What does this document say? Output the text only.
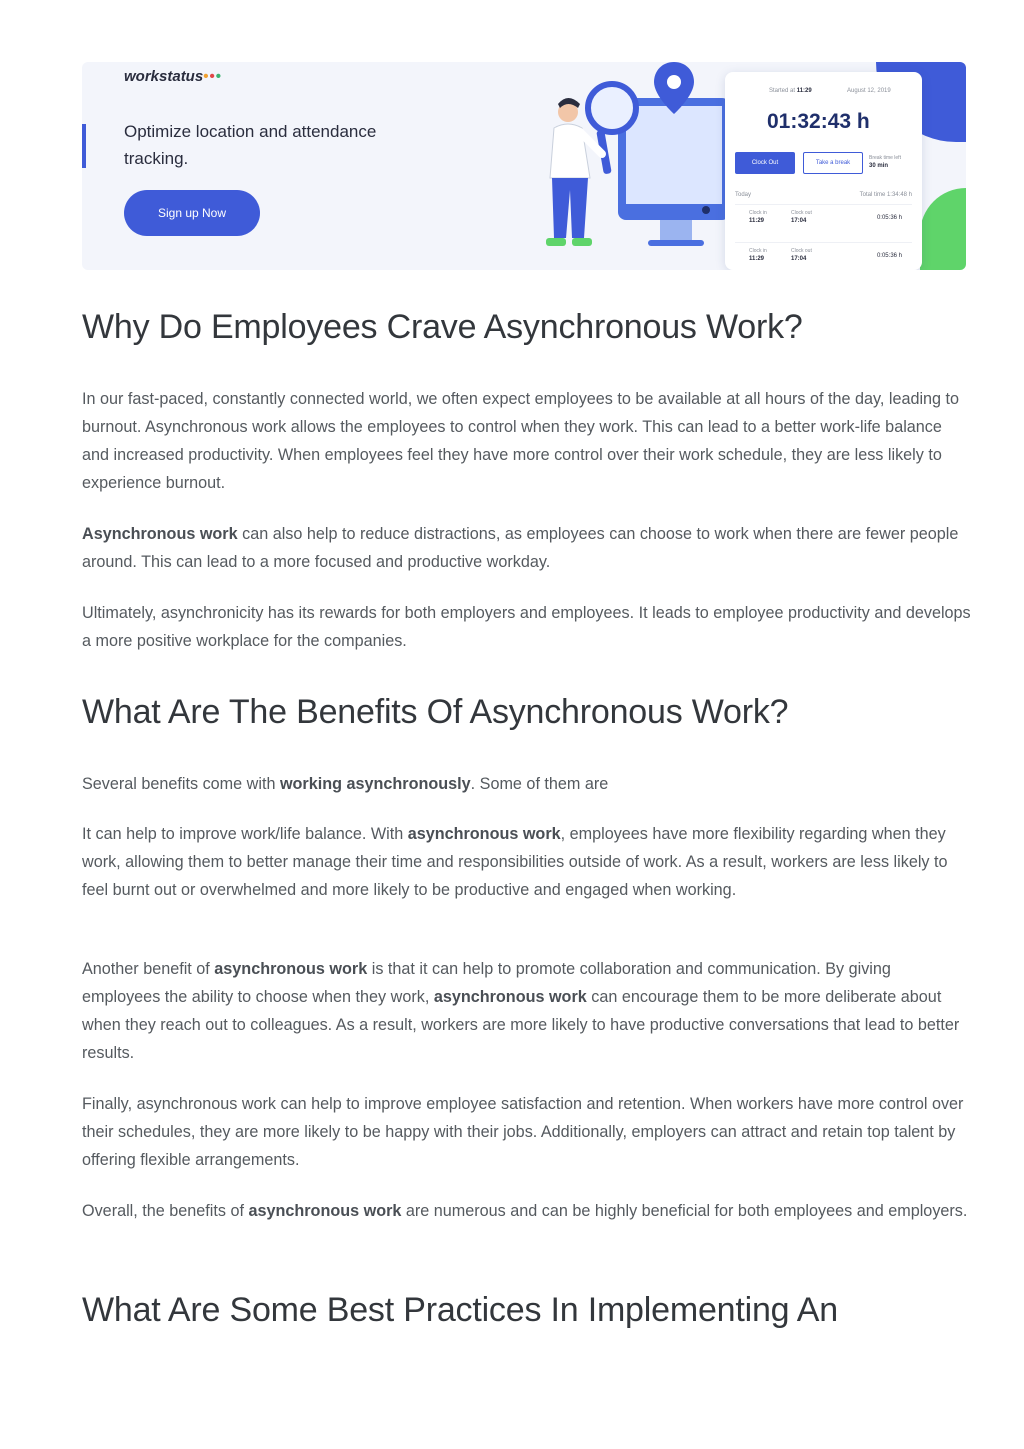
workstatus•••
Optimize location and attendance tracking.
Sign up Now
Started at 11:29	August 12, 2019
01:32:43 h
Clock Out	Take a break
Break time left
30 min
Today	Total time 1:34:48 h
Clock in
11:29
Clock out
17:04	0:05:36 h
Clock in
11:29
Clock out
17:04	0:05:36 h
Why Do Employees Crave Asynchronous Work?

In our fast-paced, constantly connected world, we often expect employees to be available at all hours of the day, leading to burnout. Asynchronous work allows the employees to control when they work. This can lead to a better work-life balance and increased productivity. When employees feel they have more control over their work schedule, they are less likely to experience burnout.

Asynchronous work can also help to reduce distractions, as employees can choose to work when there are fewer people around. This can lead to a more focused and productive workday.

Ultimately, asynchronicity has its rewards for both employers and employees. It leads to employee productivity and develops a more positive workplace for the companies.

What Are The Benefits Of Asynchronous Work?

Several benefits come with working asynchronously. Some of them are

It can help to improve work/life balance. With asynchronous work, employees have more flexibility regarding when they work, allowing them to better manage their time and responsibilities outside of work. As a result, workers are less likely to feel burnt out or overwhelmed and more likely to be productive and engaged when working.

Another benefit of asynchronous work is that it can help to promote collaboration and communication. By giving employees the ability to choose when they work, asynchronous work can encourage them to be more deliberate about when they reach out to colleagues. As a result, workers are more likely to have productive conversations that lead to better results.

Finally, asynchronous work can help to improve employee satisfaction and retention. When workers have more control over their schedules, they are more likely to be happy with their jobs. Additionally, employers can attract and retain top talent by offering flexible arrangements.

Overall, the benefits of asynchronous work are numerous and can be highly beneficial for both employees and employers.

What Are Some Best Practices In Implementing An
